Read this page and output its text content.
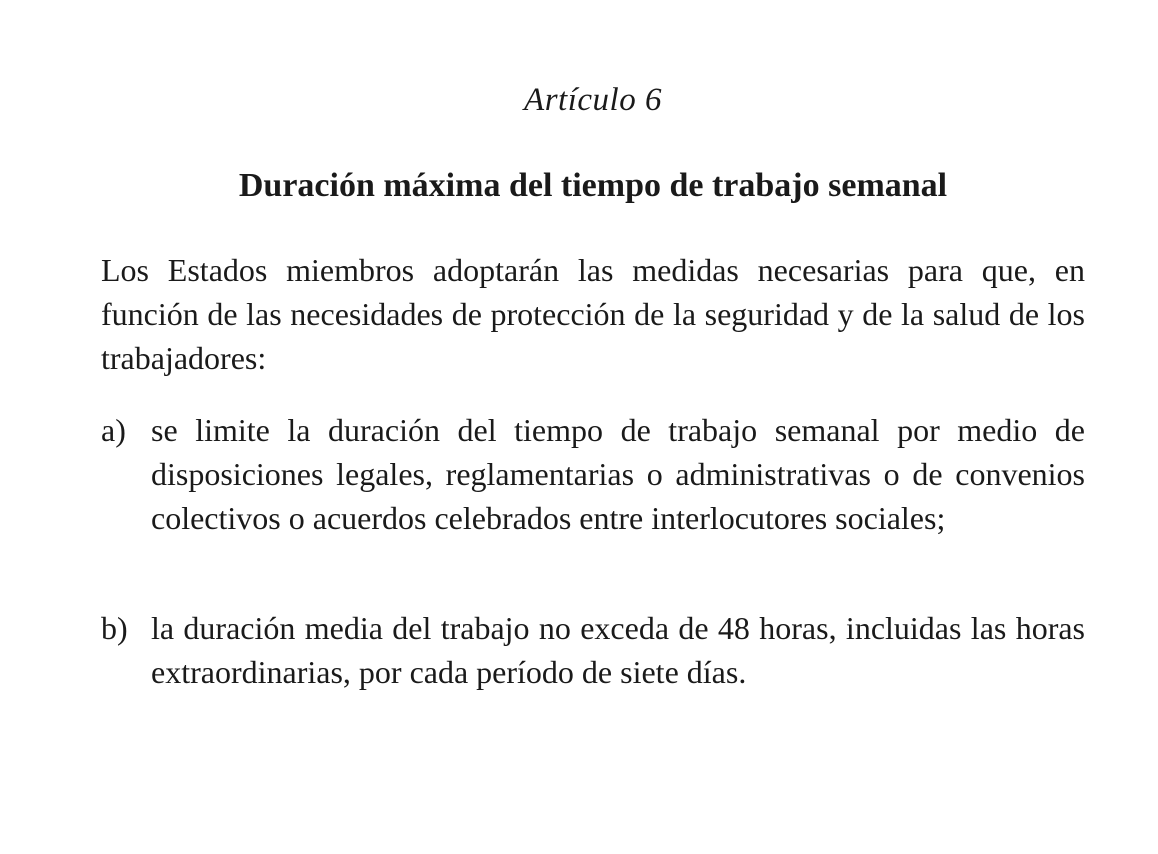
Artículo 6
Duración máxima del tiempo de trabajo semanal
Los Estados miembros adoptarán las medidas necesarias para que, en función de las necesidades de protección de la seguridad y de la salud de los trabajadores:
a) se limite la duración del tiempo de trabajo semanal por medio de disposiciones legales, reglamentarias o administrativas o de convenios colectivos o acuerdos celebrados entre interlocutores sociales;
b) la duración media del trabajo no exceda de 48 horas, incluidas las horas extraordinarias, por cada período de siete días.
